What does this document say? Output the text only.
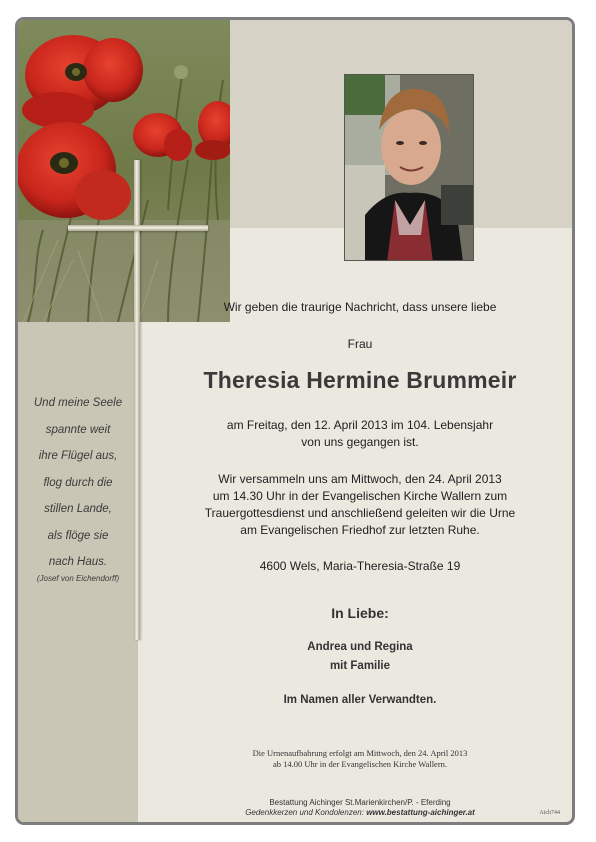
Und meine Seele
spannte weit
ihre Flügel aus,
flog durch die
stillen Lande,
als flöge sie
nach Haus.
(Josef von Eichendorff)
Wir geben die traurige Nachricht, dass unsere liebe
Frau
Theresia Hermine Brummeir
am Freitag, den 12. April 2013 im 104. Lebensjahr
von uns gegangen ist.
Wir versammeln uns am Mittwoch, den 24. April 2013
um 14.30 Uhr in der Evangelischen Kirche Wallern zum
Trauergottesdienst und anschließend geleiten wir die Urne
am Evangelischen Friedhof zur letzten Ruhe.
4600 Wels, Maria-Theresia-Straße 19
In Liebe:
Andrea und Regina
mit Familie
Im Namen aller Verwandten.
Die Urnenaufbahrung erfolgt am Mittwoch, den 24. April 2013
ab 14.00 Uhr in der Evangelischen Kirche Wallern.
Bestattung Aichinger St.Marienkirchen/P. - Eferding
Gedenkkerzen und Kondolenzen: www.bestattung-aichinger.at	Aich744
